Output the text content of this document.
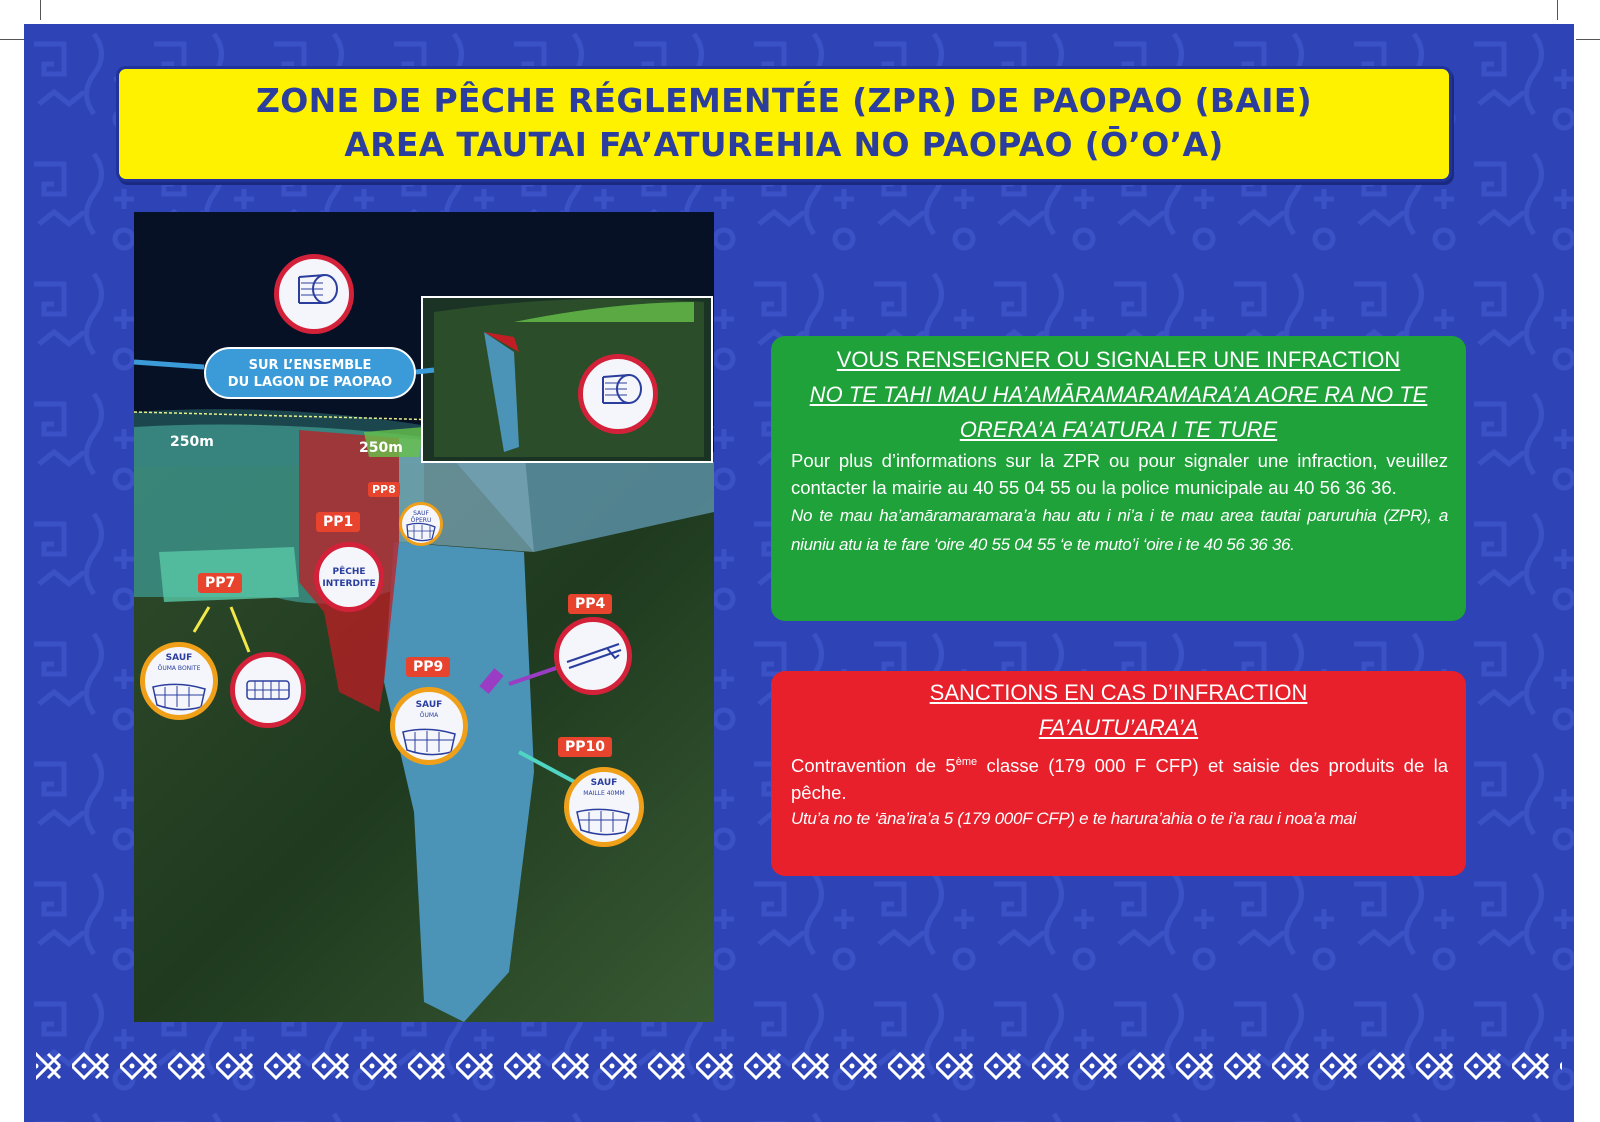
ZONE DE PÊCHE RÉGLEMENTÉE (ZPR) DE PAOPAO (BAIE)
AREA TAUTAI FA’ATUREHIA NO PAOPAO (Ō’O’A)
SUR L’ENSEMBLE
DU LAGON DE PAOPAO
250m	250m
PP1
PP4
PP7
PP8
PP9
PP10
PÊCHE
INTERDITE
SAUF
ŌPERU
SAUF
ŌUMA BONITE
SAUF
ŌUMA
SAUF
MAILLE 40MM
VOUS RENSEIGNER OU SIGNALER UNE INFRACTION
NO TE TAHI MAU HA’AMĀRAMARAMARA’A AORE RA NO TE
ORERA’A FA’ATURA I TE TURE
Pour plus d’informations sur la ZPR ou pour signaler une infraction, veuillez contacter la mairie au 40 55 04 55 ou la police municipale au 40 56 36 36.
No te mau ha’amāramaramara’a hau atu i ni’a i te mau area tautai paruruhia (ZPR), a niuniu atu ia te fare ‘oire 40 55 04 55 ‘e te muto’i ‘oire i te 40 56 36 36.
SANCTIONS EN CAS D’INFRACTION
FA’AUTU’ARA’A
Contravention de 5ème classe (179 000 F CFP) et saisie des produits de la pêche.
Utu’a no te ‘āna’ira’a 5 (179 000F CFP) e te harura’ahia o te i’a rau i noa’a mai
